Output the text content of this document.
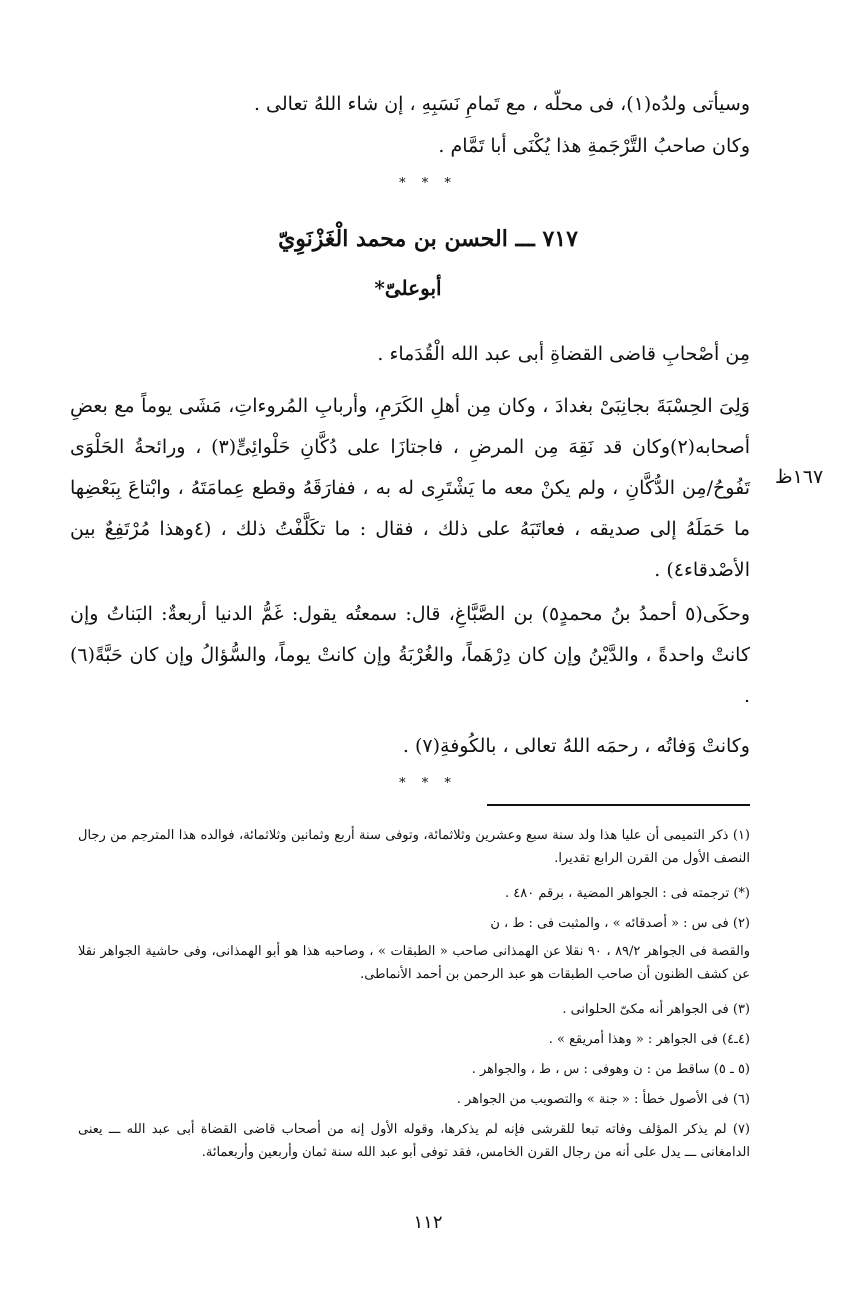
وسيأتى ولدُه(١)، فى محلّه ، مع تَمامِ نَسَبِهِ ، إن شاء اللهُ تعالى .
وكان صاحبُ التَّرْجَمةِ هذا يُكْنَى أبا تَمَّام .
* * *
٧١٧ ـــ الحسن بن محمد الْغَزْنَوِيّ
أبوعلىّ*
مِن أصْحابِ قاضى القضاةِ أبى عبد الله الْقُدَماء .
وَلِىَ الحِسْبَةَ بجانِبَىْ بغدادَ ، وكان مِن أهلِ الكَرَمِ، وأربابِ المُروءاتِ، مَشَى يوماً مع بعضِ أصحابه(٢)وكان قد نَقِهَ مِن المرضِ ، فاجتازَا على دُكَّانِ حَلْوائِىٍّ(٣) ، ورائحةُ الحَلْوَى تَفُوحُ/مِن الدُّكَّانِ ، ولم يكنْ معه ما يَشْتَرِى له به ، ففارَقَهُ وقطع عِمامَتَهُ ، وابْتاعَ بِبَعْضِها ما حَمَلَهُ إلى صديقه ، فعاتَبَهُ على ذلك ، فقال : ما تكَلَّفْتُ ذلك ، (٤وهذا مُرْتَفِعٌ بين الأصْدقاء٤) .
١٦٧ظ
وحكَى(٥ أحمدُ بنُ محمدٍ٥) بن الصَّبَّاغِ، قال: سمعتُه يقول: غَمُّ الدنيا أربعةٌ: البَناتُ وإن كانتْ واحدةً ، والدَّيْنُ وإن كان دِرْهَماً، والغُرْبَةُ وإن كانتْ يوماً، والسُّؤالُ وإن كان حَبَّةً(٦) .
وكانتْ وَفاتُه ، رحمَه اللهُ تعالى ، بالكُوفةِ(٧) .
* * *
(١) ذكر التميمى أن عليا هذا ولد سنة سبع وعشرين وثلاثمائة، وتوفى سنة أربع وثمانين وثلاثمائة، فوالده هذا المترجم من رجال النصف الأول من القرن الرابع تقديرا.
(*) ترجمته فى : الجواهر المضية ، برقم ٤٨٠ .
(٢) فى س : « أصدقائه » ، والمثبت فى : ط ، ن
والقصة فى الجواهر ٨٩/٢ ، ٩٠ نقلا عن الهمذانى صاحب « الطبقات » ، وصاحبه هذا هو أبو الهمذانى، وفى حاشية الجواهر نقلا عن كشف الظنون أن صاحب الطبقات هو عبد الرحمن بن أحمد الأنماطى.
(٣) فى الجواهر أنه مكىّ الحلوانى .
(٤ـ٤) فى الجواهر : « وهذا أمريقع » .
(٥ ـ ٥) ساقط من : ن وهوفى : س ، ط ، والجواهر .
(٦) فى الأصول خطأ : « جنة » والتصويب من الجواهر .
(٧) لم يذكر المؤلف وفاته تبعا للقرشى فإنه لم يذكرها، وقوله الأول إنه من أصحاب قاضى القضاة أبى عبد الله ـــ يعنى الدامغانى ـــ يدل على أنه من رجال القرن الخامس، فقد توفى أبو عبد الله سنة ثمان وأربعين وأربعمائة.
١١٢
